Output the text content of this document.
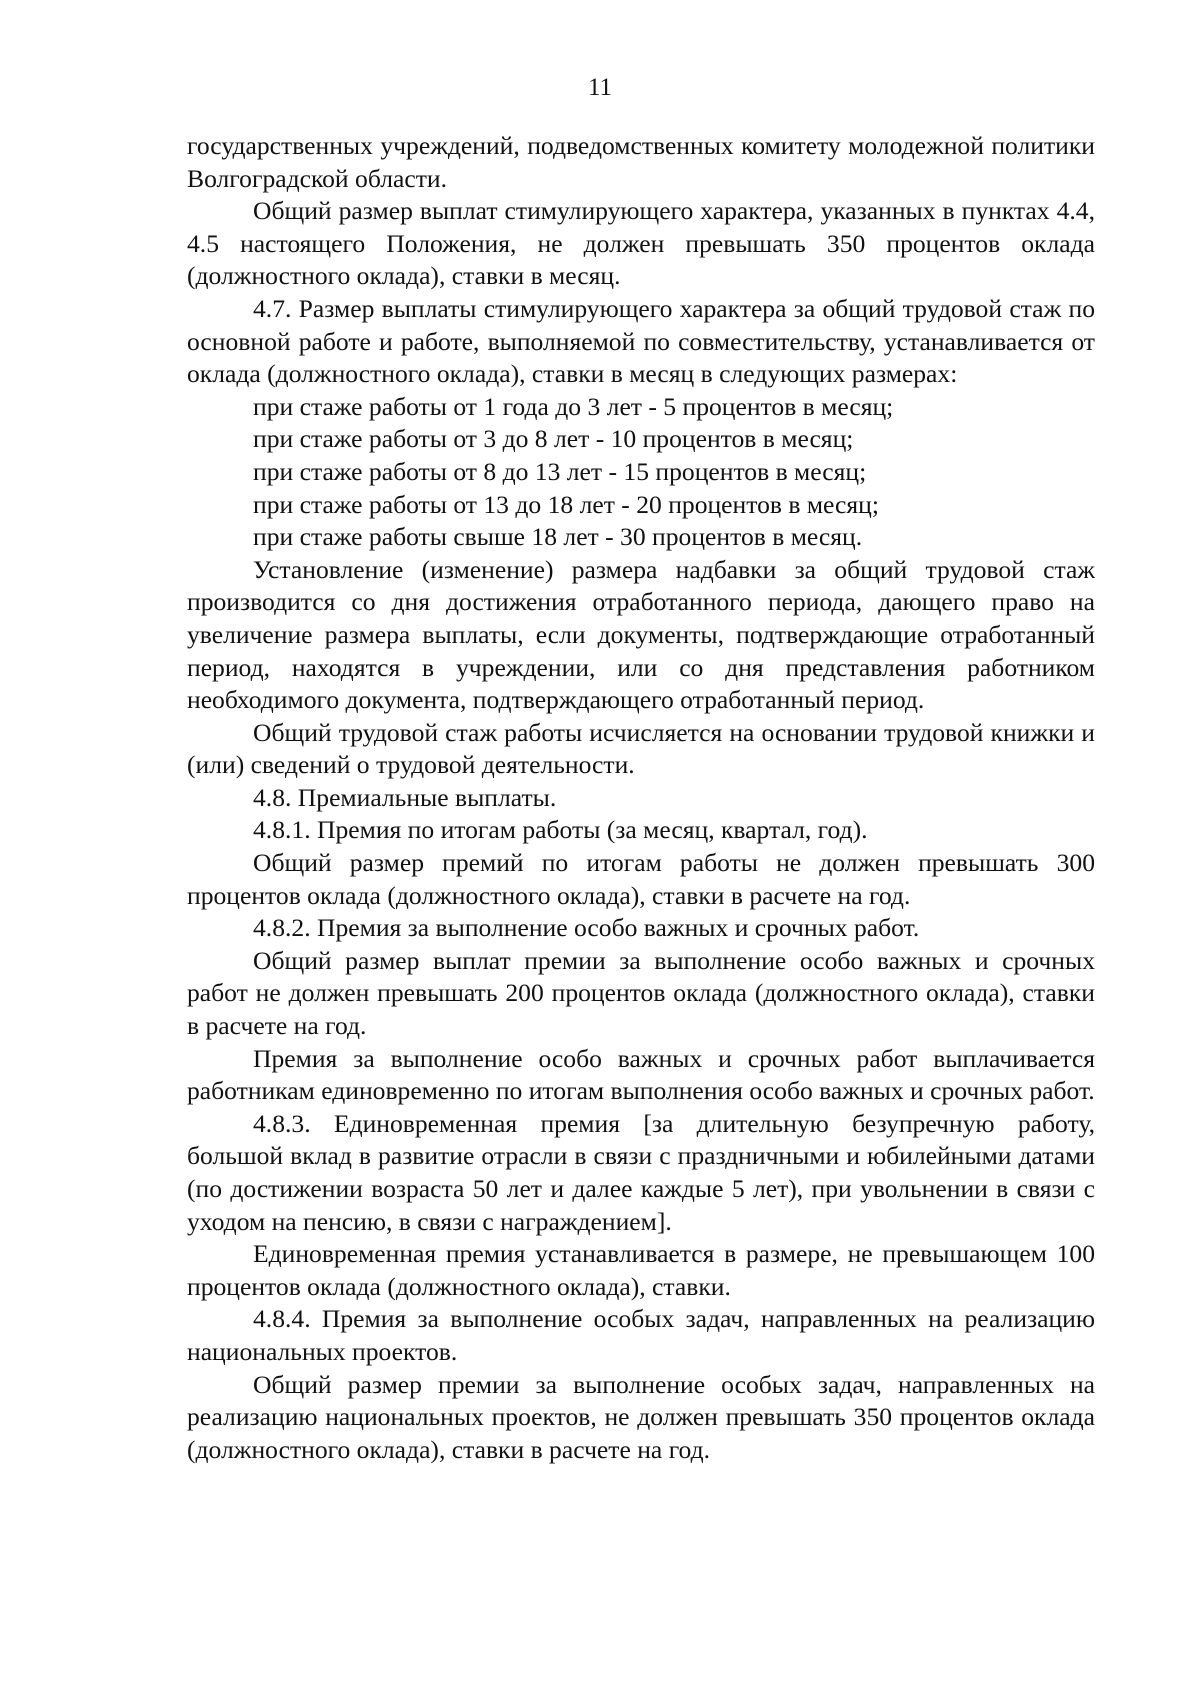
11

государственных учреждений, подведомственных комитету молодежной политики Волгоградской области.

Общий размер выплат стимулирующего характера, указанных в пунктах 4.4, 4.5 настоящего Положения, не должен превышать 350 процентов оклада (должностного оклада), ставки в месяц.

4.7. Размер выплаты стимулирующего характера за общий трудовой стаж по основной работе и работе, выполняемой по совместительству, устанавливается от оклада (должностного оклада), ставки в месяц в следующих размерах:

при стаже работы от 1 года до 3 лет - 5 процентов в месяц;

при стаже работы от 3 до 8 лет - 10 процентов в месяц;

при стаже работы от 8 до 13 лет - 15 процентов в месяц;

при стаже работы от 13 до 18 лет - 20 процентов в месяц;

при стаже работы свыше 18 лет - 30 процентов в месяц.

Установление (изменение) размера надбавки за общий трудовой стаж производится со дня достижения отработанного периода, дающего право на увеличение размера выплаты, если документы, подтверждающие отработанный период, находятся в учреждении, или со дня представления работником необходимого документа, подтверждающего отработанный период.

Общий трудовой стаж работы исчисляется на основании трудовой книжки и (или) сведений о трудовой деятельности.

4.8. Премиальные выплаты.

4.8.1. Премия по итогам работы (за месяц, квартал, год).

Общий размер премий по итогам работы не должен превышать 300 процентов оклада (должностного оклада), ставки в расчете на год.

4.8.2. Премия за выполнение особо важных и срочных работ.

Общий размер выплат премии за выполнение особо важных и срочных работ не должен превышать 200 процентов оклада (должностного оклада), ставки в расчете на год.

Премия за выполнение особо важных и срочных работ выплачивается работникам единовременно по итогам выполнения особо важных и срочных работ.

4.8.3. Единовременная премия [за длительную безупречную работу, большой вклад в развитие отрасли в связи с праздничными и юбилейными датами (по достижении возраста 50 лет и далее каждые 5 лет), при увольнении в связи с уходом на пенсию, в связи с награждением].

Единовременная премия устанавливается в размере, не превышающем 100 процентов оклада (должностного оклада), ставки.

4.8.4. Премия за выполнение особых задач, направленных на реализацию национальных проектов.

Общий размер премии за выполнение особых задач, направленных на реализацию национальных проектов, не должен превышать 350 процентов оклада (должностного оклада), ставки в расчете на год.
